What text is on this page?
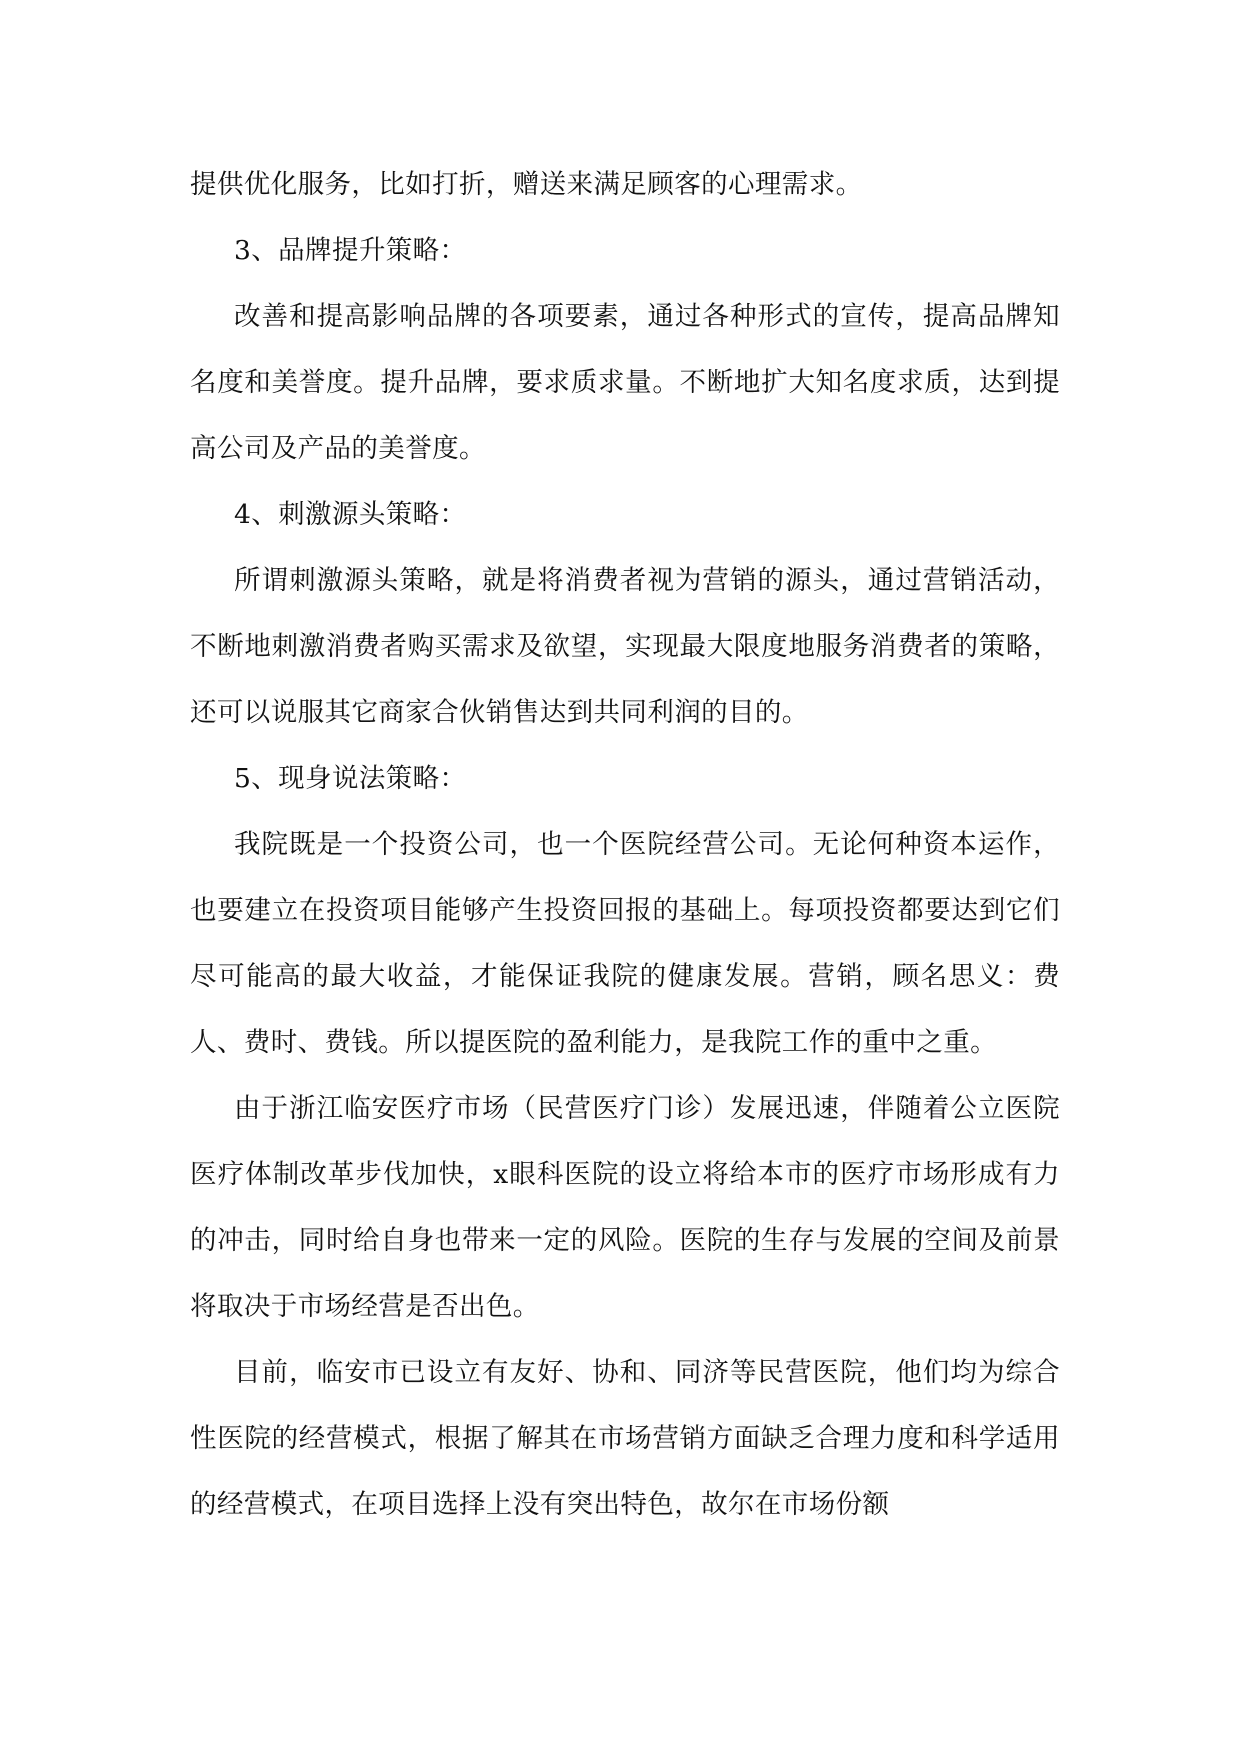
提供优化服务，比如打折，赠送来满足顾客的心理需求。

3、品牌提升策略：

改善和提高影响品牌的各项要素，通过各种形式的宣传，提高品牌知名度和美誉度。提升品牌，要求质求量。不断地扩大知名度求质，达到提高公司及产品的美誉度。

4、刺激源头策略：

所谓刺激源头策略，就是将消费者视为营销的源头，通过营销活动，不断地刺激消费者购买需求及欲望，实现最大限度地服务消费者的策略，还可以说服其它商家合伙销售达到共同利润的目的。

5、现身说法策略：

我院既是一个投资公司，也一个医院经营公司。无论何种资本运作，也要建立在投资项目能够产生投资回报的基础上。每项投资都要达到它们尽可能高的最大收益，才能保证我院的健康发展。营销，顾名思义：费人、费时、费钱。所以提医院的盈利能力，是我院工作的重中之重。

由于浙江临安医疗市场（民营医疗门诊）发展迅速，伴随着公立医院医疗体制改革步伐加快，x眼科医院的设立将给本市的医疗市场形成有力的冲击，同时给自身也带来一定的风险。医院的生存与发展的空间及前景将取决于市场经营是否出色。

目前，临安市已设立有友好、协和、同济等民营医院，他们均为综合性医院的经营模式，根据了解其在市场营销方面缺乏合理力度和科学适用的经营模式，在项目选择上没有突出特色，故尔在市场份额
